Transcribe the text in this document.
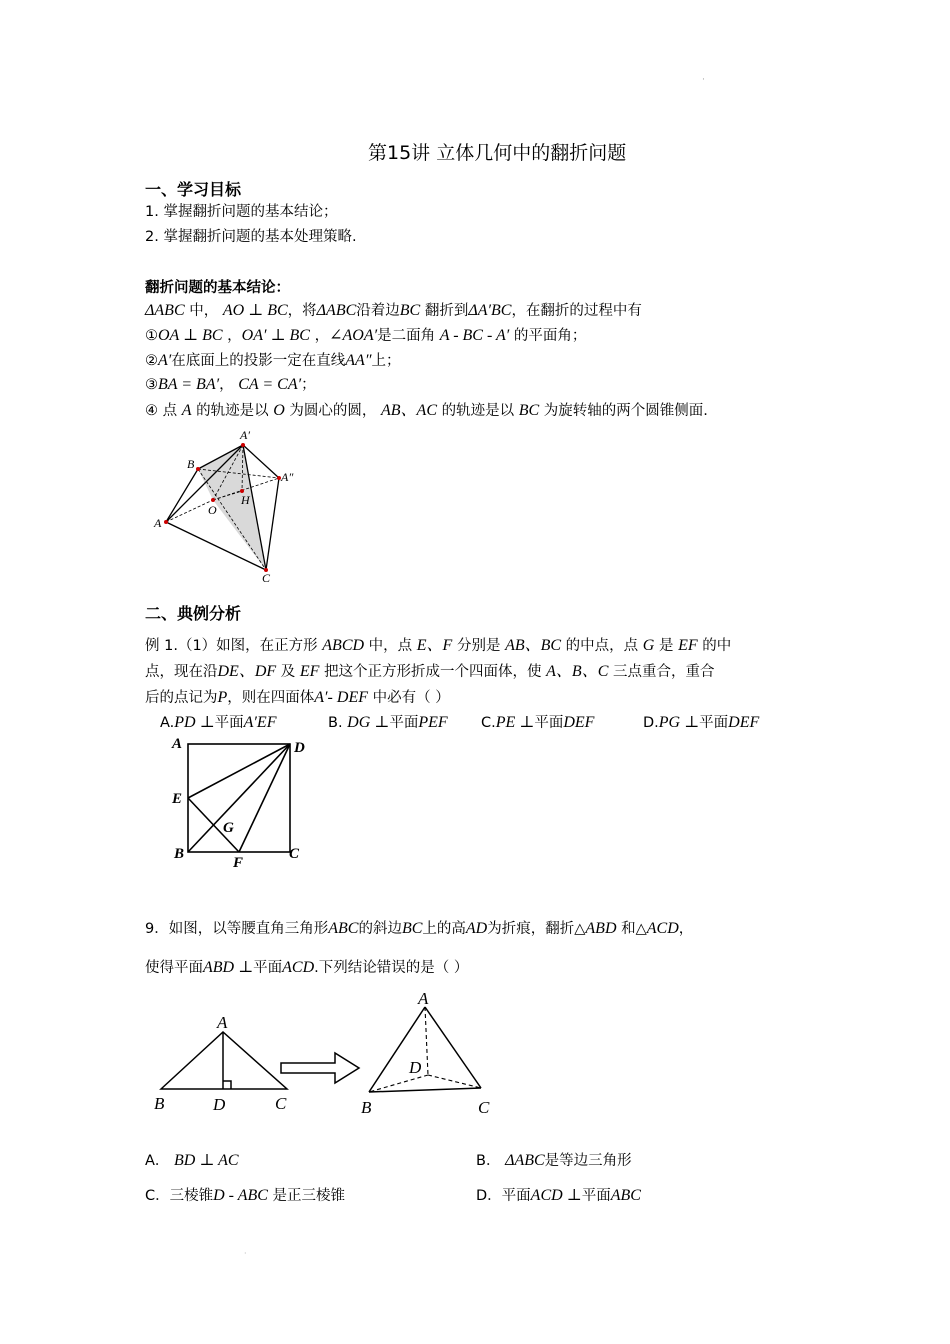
·
第15讲 立体几何中的翻折问题
一、学习目标
1. 掌握翻折问题的基本结论；
2. 掌握翻折问题的基本处理策略.
翻折问题的基本结论：
ΔABC 中， AO ⊥ BC，将ΔABC沿着边BC 翻折到ΔA′BC，在翻折的过程中有
①OA ⊥ BC ，OA′ ⊥ BC ，∠AOA′是二面角 A - BC - A′ 的平面角；
②A′在底面上的投影一定在直线AA″上；
③BA = BA′， CA = CA′；
④ 点 A 的轨迹是以 O 为圆心的圆， AB、AC 的轨迹是以 BC 为旋转轴的两个圆锥侧面.
A′
A″
B
A
O
H
C
二、典例分析
例 1.（1）如图，在正方形 ABCD 中，点 E、F 分别是 AB、BC 的中点，点 G 是 EF 的中
点，现在沿DE、DF 及 EF 把这个正方形折成一个四面体，使 A、B、C 三点重合，重合
后的点记为P，则在四面体A′- DEF 中必有（ ）
A.PD ⊥平面A′EF	B. DG ⊥平面PEF C.PE ⊥平面DEF	D.PG ⊥平面DEF
A	D
E
G
B
F
C
9．如图，以等腰直角三角形ABC的斜边BC上的高AD为折痕，翻折△ABD 和△ACD，
使得平面ABD ⊥平面ACD.下列结论错误的是（ ）
A
B	D	C
A
D
B	C
A． BD ⊥ AC	B． ΔABC是等边三角形
C．三棱锥D - ABC 是正三棱锥	D．平面ACD ⊥平面ABC
·
